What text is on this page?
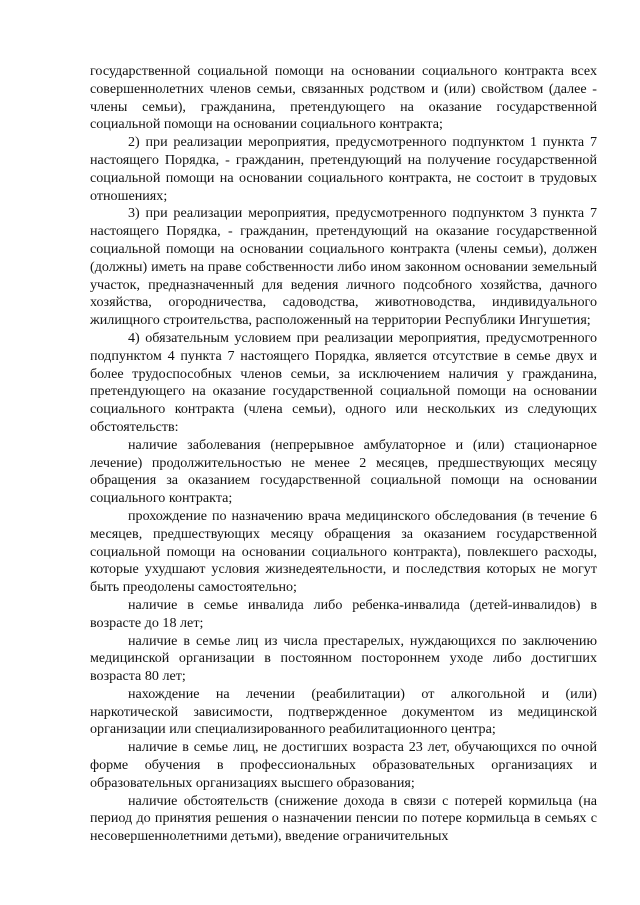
государственной социальной помощи на основании социального контракта всех совершеннолетних членов семьи, связанных родством и (или) свойством (далее - члены семьи), гражданина, претендующего на оказание государственной социальной помощи на основании социального контракта;

2) при реализации мероприятия, предусмотренного подпунктом 1 пункта 7 настоящего Порядка, - гражданин, претендующий на получение государственной социальной помощи на основании социального контракта, не состоит в трудовых отношениях;

3) при реализации мероприятия, предусмотренного подпунктом 3 пункта 7 настоящего Порядка, - гражданин, претендующий на оказание государственной социальной помощи на основании социального контракта (члены семьи), должен (должны) иметь на праве собственности либо ином законном основании земельный участок, предназначенный для ведения личного подсобного хозяйства, дачного хозяйства, огородничества, садоводства, животноводства, индивидуального жилищного строительства, расположенный на территории Республики Ингушетия;

4) обязательным условием при реализации мероприятия, предусмотренного подпунктом 4 пункта 7 настоящего Порядка, является отсутствие в семье двух и более трудоспособных членов семьи, за исключением наличия у гражданина, претендующего на оказание государственной социальной помощи на основании социального контракта (члена семьи), одного или нескольких из следующих обстоятельств:

наличие заболевания (непрерывное амбулаторное и (или) стационарное лечение) продолжительностью не менее 2 месяцев, предшествующих месяцу обращения за оказанием государственной социальной помощи на основании социального контракта;

прохождение по назначению врача медицинского обследования (в течение 6 месяцев, предшествующих месяцу обращения за оказанием государственной социальной помощи на основании социального контракта), повлекшего расходы, которые ухудшают условия жизнедеятельности, и последствия которых не могут быть преодолены самостоятельно;

наличие в семье инвалида либо ребенка-инвалида (детей-инвалидов) в возрасте до 18 лет;

наличие в семье лиц из числа престарелых, нуждающихся по заключению медицинской организации в постоянном постороннем уходе либо достигших возраста 80 лет;

нахождение на лечении (реабилитации) от алкогольной и (или) наркотической зависимости, подтвержденное документом из медицинской организации или специализированного реабилитационного центра;

наличие в семье лиц, не достигших возраста 23 лет, обучающихся по очной форме обучения в профессиональных образовательных организациях и образовательных организациях высшего образования;

наличие обстоятельств (снижение дохода в связи с потерей кормильца (на период до принятия решения о назначении пенсии по потере кормильца в семьях с несовершеннолетними детьми), введение ограничительных
